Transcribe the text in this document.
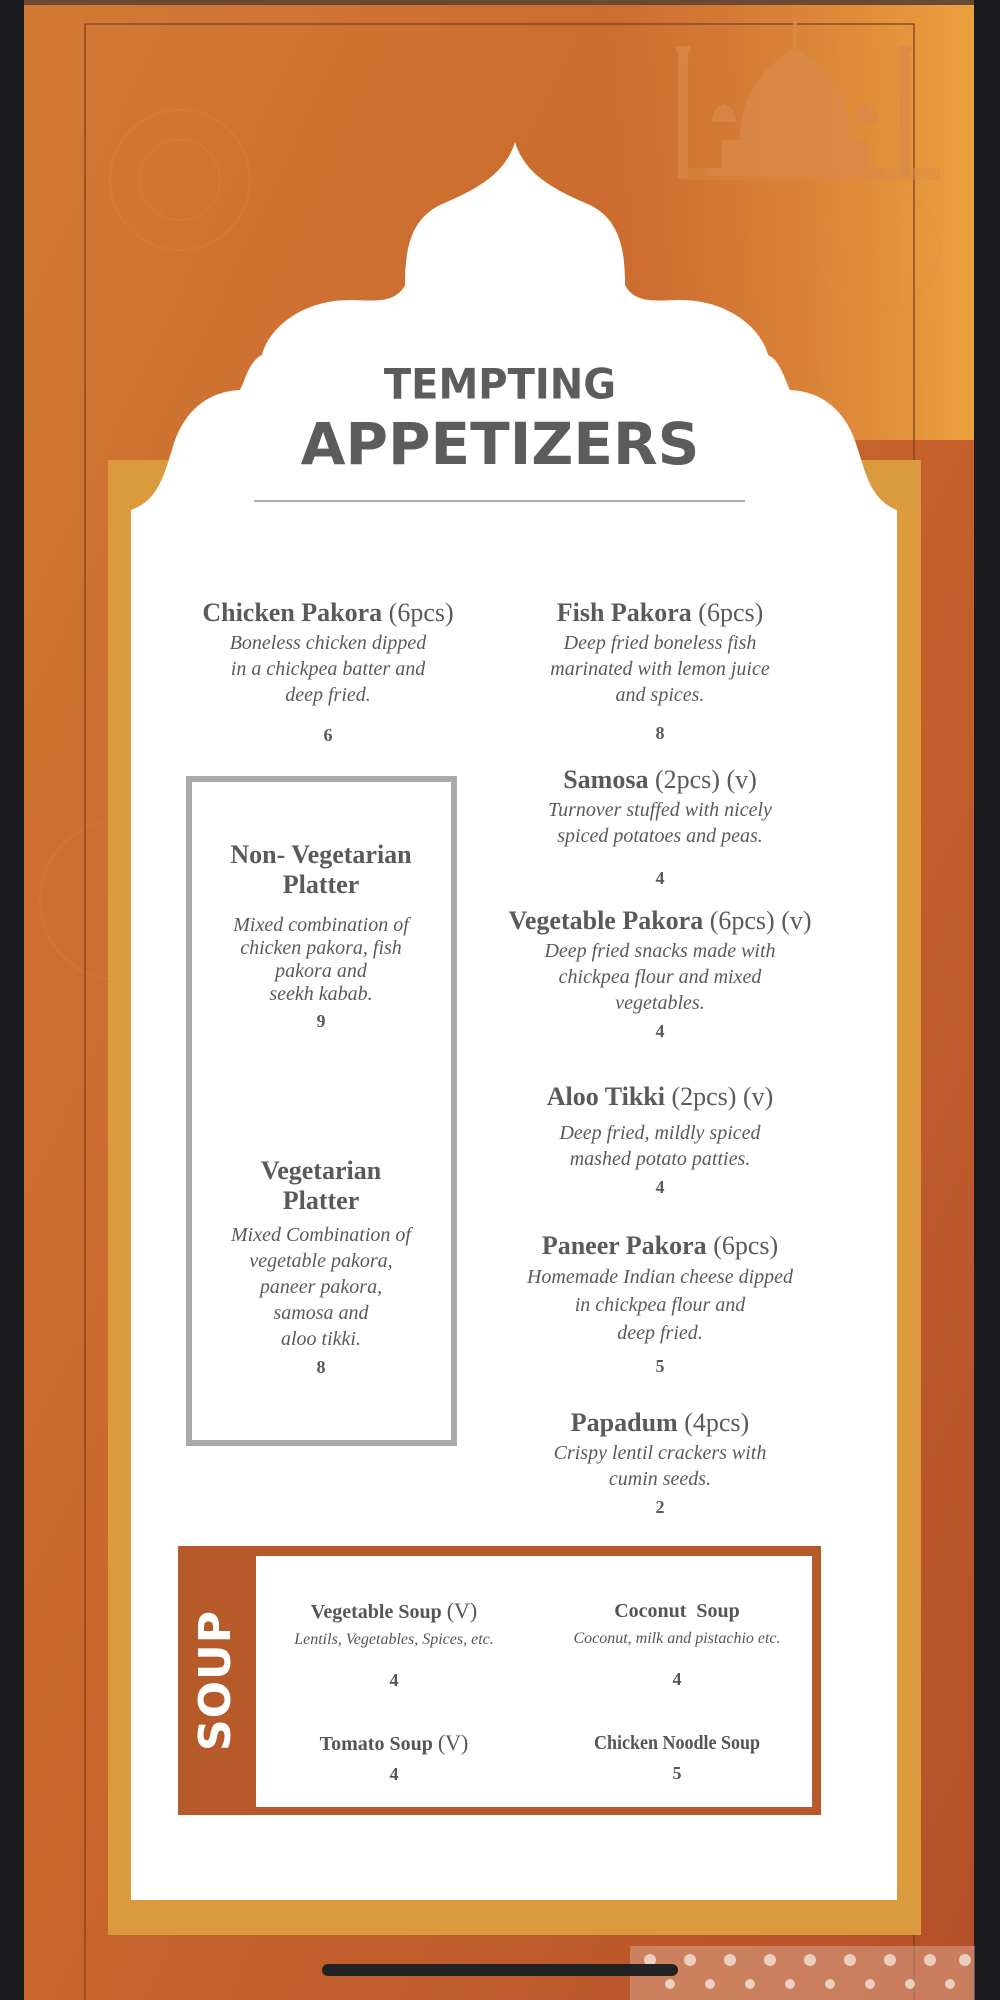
TEMPTING
APPETIZERS
Chicken Pakora (6pcs)
Boneless chicken dipped
in a chickpea batter and
deep fried.
6
Fish Pakora (6pcs)
Deep fried boneless fish
marinated with lemon juice
and spices.
8
Samosa (2pcs) (v)
Turnover stuffed with nicely
spiced potatoes and peas.
4
Vegetable Pakora (6pcs) (v)
Deep fried snacks made with
chickpea flour and mixed
vegetables.
4
Aloo Tikki (2pcs) (v)
Deep fried, mildly spiced
mashed potato patties.
4
Paneer Pakora (6pcs)
Homemade Indian cheese dipped
in chickpea flour and
deep fried.
5
Papadum (4pcs)
Crispy lentil crackers with
cumin seeds.
2
Non- Vegetarian
Platter
Mixed combination of
chicken pakora, fish
pakora and
seekh kabab.
9
Vegetarian
Platter
Mixed Combination of
vegetable pakora,
paneer pakora,
samosa and
aloo tikki.
8
SOUP	Vegetable Soup (V)
Lentils, Vegetables, Spices, etc.
4
Coconut  Soup
Coconut, milk and pistachio etc.
4
Tomato Soup (V)
4
Chicken Noodle Soup
5
